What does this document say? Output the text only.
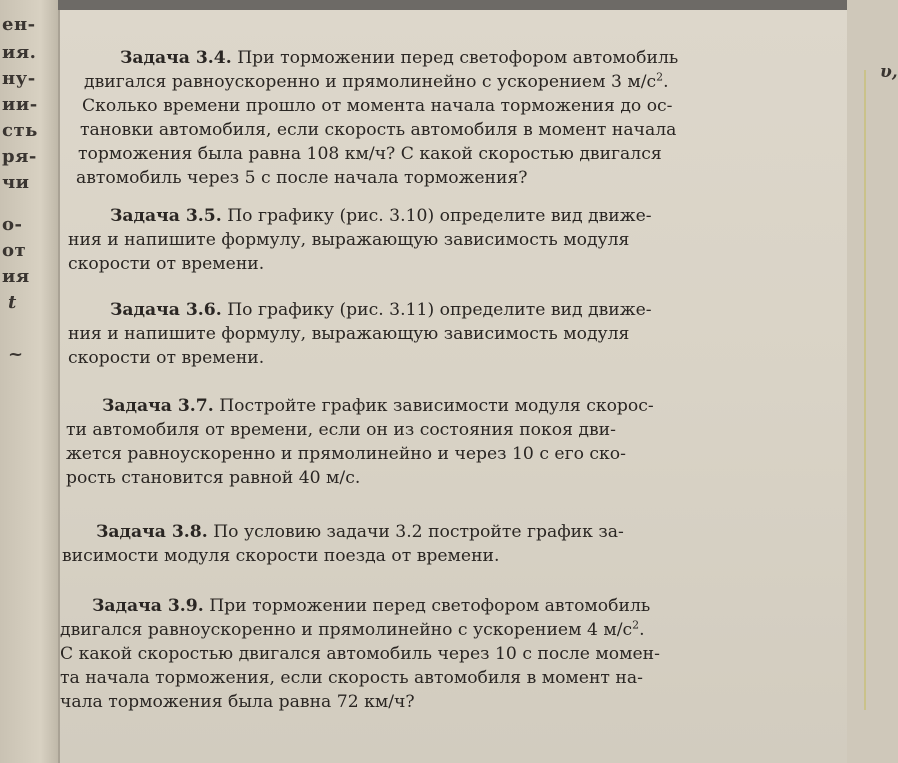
ен-
ия.
ну-
ии-
сть
ря-
чи
о-
от
ия
t
~
υ,
Задача 3.4. При торможении перед светофором автомобиль
двигался равноускоренно и прямолинейно с ускорением 3 $м/с^2$.
Сколько времени прошло от момента начала торможения до ос-
тановки автомобиля, если скорость автомобиля в момент начала
торможения была равна 108 км/ч? С какой скоростью двигался
автомобиль через 5 с после начала торможения?
Задача 3.5. По графику (рис. 3.10) определите вид движе-
ния и напишите формулу, выражающую зависимость модуля
скорости от времени.
Задача 3.6. По графику (рис. 3.11) определите вид движе-
ния и напишите формулу, выражающую зависимость модуля
скорости от времени.
Задача 3.7. Постройте график зависимости модуля скорос-
ти автомобиля от времени, если он из состояния покоя дви-
жется равноускоренно и прямолинейно и через 10 с его ско-
рость становится равной 40 м/с.
Задача 3.8. По условию задачи 3.2 постройте график за-
висимости модуля скорости поезда от времени.
Задача 3.9. При торможении перед светофором автомобиль
двигался равноускоренно и прямолинейно с ускорением 4 $м/с^2$.
С какой скоростью двигался автомобиль через 10 с после момен-
та начала торможения, если скорость автомобиля в момент на-
чала торможения была равна 72 км/ч?
